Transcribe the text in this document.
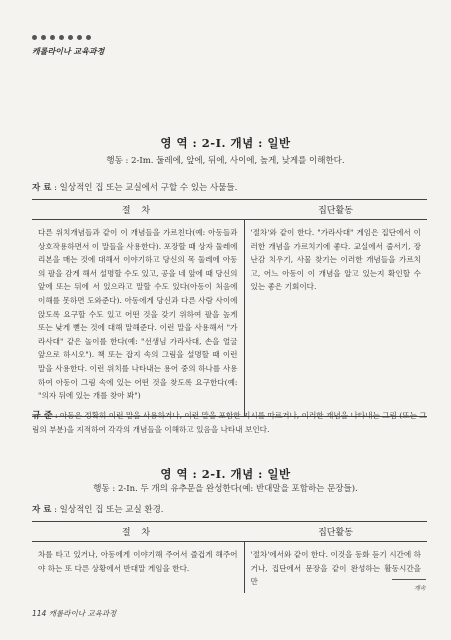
캐롤라이나 교육과정
영 역 : 2-I. 개념 : 일반
행동 : 2-Im. 둘레에, 앞에, 뒤에, 사이에, 높게, 낮게를 이해한다.
자 료 : 일상적인 집 또는 교실에서 구할 수 있는 사물들.
절 차	집단활동
다른 위치개념들과 같이 이 개념들을 가르친다(예: 아동들과 상호작용하면서 이 말들을 사용한다). 포장할 때 상자 둘레에 리본을 매는 것에 대해서 이야기하고 당신의 목 둘레에 아동의 팔을 감게 해서 설명할 수도 있고, 공을 네 앞에 때 당신의 앞에 또는 뒤에 서 있으라고 말할 수도 있다(아동이 처음에 이해를 못하면 도와준다). 아동에게 당신과 다른 사람 사이에 앉도록 요구할 수도 있고 어떤 것을 갖기 위하여 팔을 높게 또는 낮게 뻗는 것에 대해 말해준다. 이런 말을 사용해서 "가라사대" 같은 놀이를 한다(예: "선생님 가라사대, 손을 얼굴 앞으로 하시오"). 책 또는 잡지 속의 그림을 설명할 때 이런 말을 사용한다. 이런 위치를 나타내는 용어 중의 하나를 사용하여 아동이 그림 속에 있는 어떤 것을 찾도록 요구한다(예: "의자 뒤에 있는 개를 찾아 봐")	'절차'와 같이 한다. "가라사대" 게임은 집단에서 이러한 개념을 가르치기에 좋다. 교실에서 줄서기, 장난감 치우기, 사물 찾기는 이러한 개념들을 가르치고, 어느 아동이 이 개념을 알고 있는지 확인할 수 있는 좋은 기회이다.
규 준 : 아동은 정확히 이런 말을 사용하거나, 이런 말을 포함한 지시를 따르거나, 이러한 개념을 나타내는 그림 (또는 그림의 부분)을 지적하여 각각의 개념들을 이해하고 있음을 나타내 보인다.
영 역 : 2-I. 개념 : 일반
행동 : 2-In. 두 개의 유추문을 완성한다(예: 반대말을 포함하는 문장들).
자 료 : 일상적인 집 또는 교실 환경.
절 차	집단활동
차를 타고 있거나, 아동에게 이야기해 주어서 즐겁게 해주어야 하는 또 다른 상황에서 반대말 게임을 한다.	'절차'에서와 같이 한다. 이것을 동화 듣기 시간에 하거나, 집단에서 문장을 같이 완성하는 활동시간을 만
계속
114 캐롤라이나 교육과정
